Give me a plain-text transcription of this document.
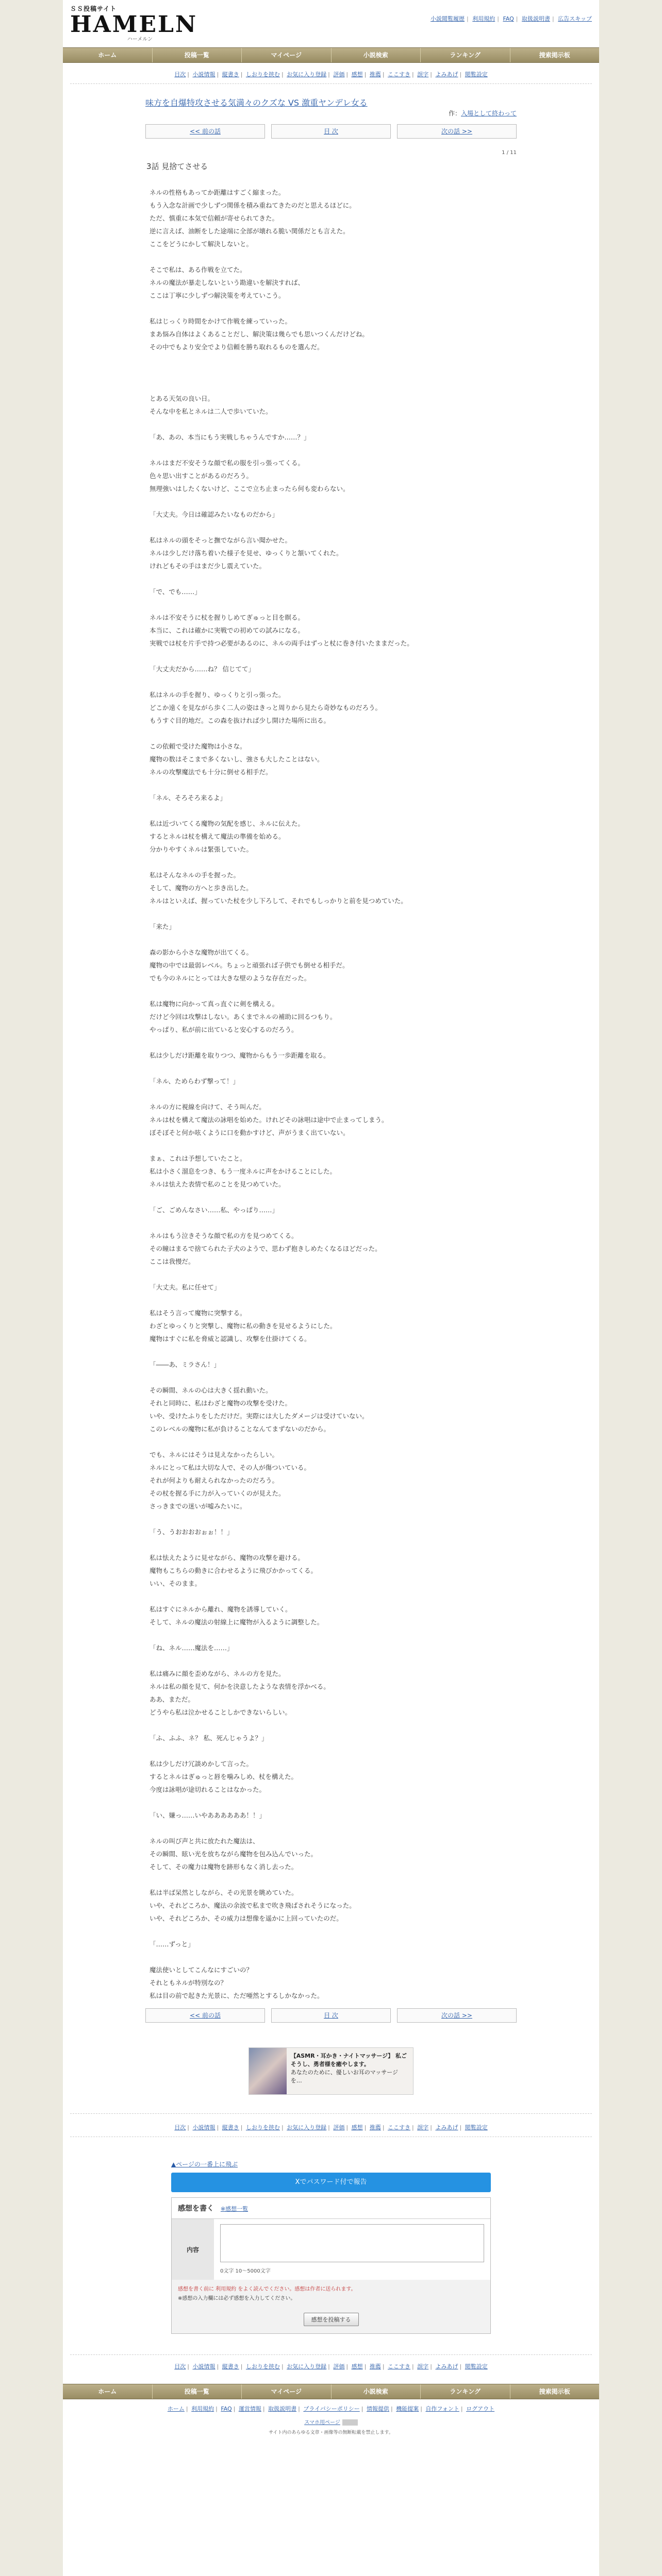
ＳＳ投稿サイト
HAMELN
ハーメルン
小説閲覧履歴 | 利用規約 | FAQ | 取扱説明書 | 広告スキップ
ホーム	投稿一覧	マイページ	小説検索	ランキング	捜索掲示板
目次 | 小説情報 | 縦書き | しおりを挟む | お気に入り登録 | 評価 | 感想 | 推薦 | ここすき | 誤字 | よみあげ | 閲覧設定
味方を自爆特攻させる気満々のクズな VS 激重ヤンデレ女る
作：入場として終わって
<< 前の話	目 次	次の話 >>
1 / 11
3話 見捨てさせる

ネルの性格もあってか距離はすごく縮まった。

もう入念な計画で少しずつ関係を積み重ねてきたのだと思えるほどに。

ただ、慎重に本気で信頼が寄せられてきた。

逆に言えば、油断をした途端に全部が壊れる脆い関係だとも言えた。

ここをどうにかして解決しないと。

そこで私は、ある作戦を立てた。

ネルの魔法が暴走しないという勘違いを解決すれば、

ここは丁寧に少しずつ解決策を考えていこう。

私はじっくり時間をかけて作戦を練っていった。

まあ悩み自体はよくあることだし、解決策は幾らでも思いつくんだけどね。

その中でもより安全でより信頼を勝ち取れるものを選んだ。

とある天気の良い日。

そんな中を私とネルは二人で歩いていた。

「あ、あの、本当にもう実戦しちゃうんですか……？」

ネルはまだ不安そうな顔で私の服を引っ張ってくる。

色々思い出すことがあるのだろう。

無理強いはしたくないけど、ここで立ち止まったら何も変わらない。

「大丈夫。今日は確認みたいなものだから」

私はネルの頭をそっと撫でながら言い聞かせた。

ネルは少しだけ落ち着いた様子を見せ、ゆっくりと頷いてくれた。

けれどもその手はまだ少し震えていた。

「で、でも……」

ネルは不安そうに杖を握りしめてぎゅっと目を瞑る。

本当に、これは確かに実戦での初めての試みになる。

実戦では杖を片手で持つ必要があるのに、ネルの両手はずっと杖に巻き付いたままだった。

「大丈夫だから……ね？ 信じてて」

私はネルの手を握り、ゆっくりと引っ張った。

どこか遠くを見ながら歩く二人の姿はきっと周りから見たら奇妙なものだろう。

もうすぐ目的地だ。この森を抜ければ少し開けた場所に出る。

この依頼で受けた魔物は小さな。

魔物の数はそこまで多くないし、強さも大したことはない。

ネルの攻撃魔法でも十分に倒せる相手だ。

「ネル、そろそろ来るよ」

私は近づいてくる魔物の気配を感じ、ネルに伝えた。

するとネルは杖を構えて魔法の準備を始める。

分かりやすくネルは緊張していた。

私はそんなネルの手を握った。

そして、魔物の方へと歩き出した。

ネルはといえば、握っていた杖を少し下ろして、それでもしっかりと前を見つめていた。

「来た」

森の影から小さな魔物が出てくる。

魔物の中では最弱レベル。ちょっと頑張れば子供でも倒せる相手だ。

でも今のネルにとっては大きな壁のような存在だった。

私は魔物に向かって真っ直ぐに剣を構える。

だけど今回は攻撃はしない。あくまでネルの補助に回るつもり。

やっぱり、私が前に出ていると安心するのだろう。

私は少しだけ距離を取りつつ、魔物からもう一歩距離を取る。

「ネル、ためらわず撃って！」

ネルの方に視線を向けて、そう叫んだ。

ネルは杖を構えて魔法の詠唱を始めた。けれどその詠唱は途中で止まってしまう。

ぼそぼそと何か呟くように口を動かすけど、声がうまく出ていない。

まぁ、これは予想していたこと。

私は小さく溜息をつき、もう一度ネルに声をかけることにした。

ネルは怯えた表情で私のことを見つめていた。

「ご、ごめんなさい……私、やっぱり……」

ネルはもう泣きそうな顔で私の方を見つめてくる。

その瞳はまるで捨てられた子犬のようで、思わず抱きしめたくなるほどだった。

ここは我慢だ。

「大丈夫。私に任せて」

私はそう言って魔物に突撃する。

わざとゆっくりと突撃し、魔物に私の動きを見せるようにした。

魔物はすぐに私を脅威と認識し、攻撃を仕掛けてくる。

「――あ、ミラさん！」

その瞬間、ネルの心は大きく揺れ動いた。

それと同時に、私はわざと魔物の攻撃を受けた。

いや、受けたふりをしただけだ。実際には大したダメージは受けていない。

このレベルの魔物に私が負けることなんてまずないのだから。

でも、ネルにはそうは見えなかったらしい。

ネルにとって私は大切な人で、その人が傷ついている。

それが何よりも耐えられなかったのだろう。

その杖を握る手に力が入っていくのが見えた。

さっきまでの迷いが嘘みたいに。

「う、うおおおおぉぉ！！」

私は怯えたように見せながら、魔物の攻撃を避ける。

魔物もこちらの動きに合わせるように飛びかかってくる。

いい、そのまま。

私はすぐにネルから離れ、魔物を誘導していく。

そして、ネルの魔法の射線上に魔物が入るように調整した。

「ね、ネル……魔法を……」

私は痛みに顔を歪めながら、ネルの方を見た。

ネルは私の顔を見て、何かを決意したような表情を浮かべる。

ああ、まただ。

どうやら私は泣かせることしかできないらしい。

「ふ、ふふ、ネ？ 私、死んじゃうよ？」

私は少しだけ冗談めかして言った。

するとネルはぎゅっと唇を噛みしめ、杖を構えた。

今度は詠唱が途切れることはなかった。

「い、嫌っ……いやああああああ！！」

ネルの叫び声と共に放たれた魔法は、

その瞬間、眩い光を放ちながら魔物を包み込んでいった。

そして、その魔力は魔物を跡形もなく消し去った。

私は半ば呆然としながら、その光景を眺めていた。

いや、それどころか、魔法の余波で私まで吹き飛ばされそうになった。

いや、それどころか、その威力は想像を遥かに上回っていたのだ。

「……ずっと」

魔法使いとしてこんなにすごいの？

それともネルが特別なの？

私は目の前で起きた光景に、ただ唖然とするしかなかった。

<< 前の話	目 次	次の話 >>
【ASMR・耳かき・ナイトマッサージ】 私ごそうし、勇者様を癒やします。
あなたのために、優しいお耳のマッサージを…
目次 | 小説情報 | 縦書き | しおりを挟む | お気に入り登録 | 評価 | 感想 | 推薦 | ここすき | 誤字 | よみあげ | 閲覧設定
▲ページの一番上に飛ぶ
Xでパスワード付で報告
感想を書く ※感想一覧
内容
0文字 10〜5000文字
感想を書く前に 利用規約 をよく読んでください。感想は作者に送られます。
※感想の入力欄には必ず感想を入力してください。
感想を投稿する
目次 | 小説情報 | 縦書き | しおりを挟む | お気に入り登録 | 評価 | 感想 | 推薦 | ここすき | 誤字 | よみあげ | 閲覧設定
ホーム	投稿一覧	マイページ	小説検索	ランキング	捜索掲示板
ホーム | 利用規約 | FAQ | 運営情報 | 取扱説明書 | プライバシーポリシー | 情報提供 | 機能提案 | 自作フォント | ログアウト
スマホ用ページ
サイト内のあらゆる文章・画像等の無断転載を禁止します。
